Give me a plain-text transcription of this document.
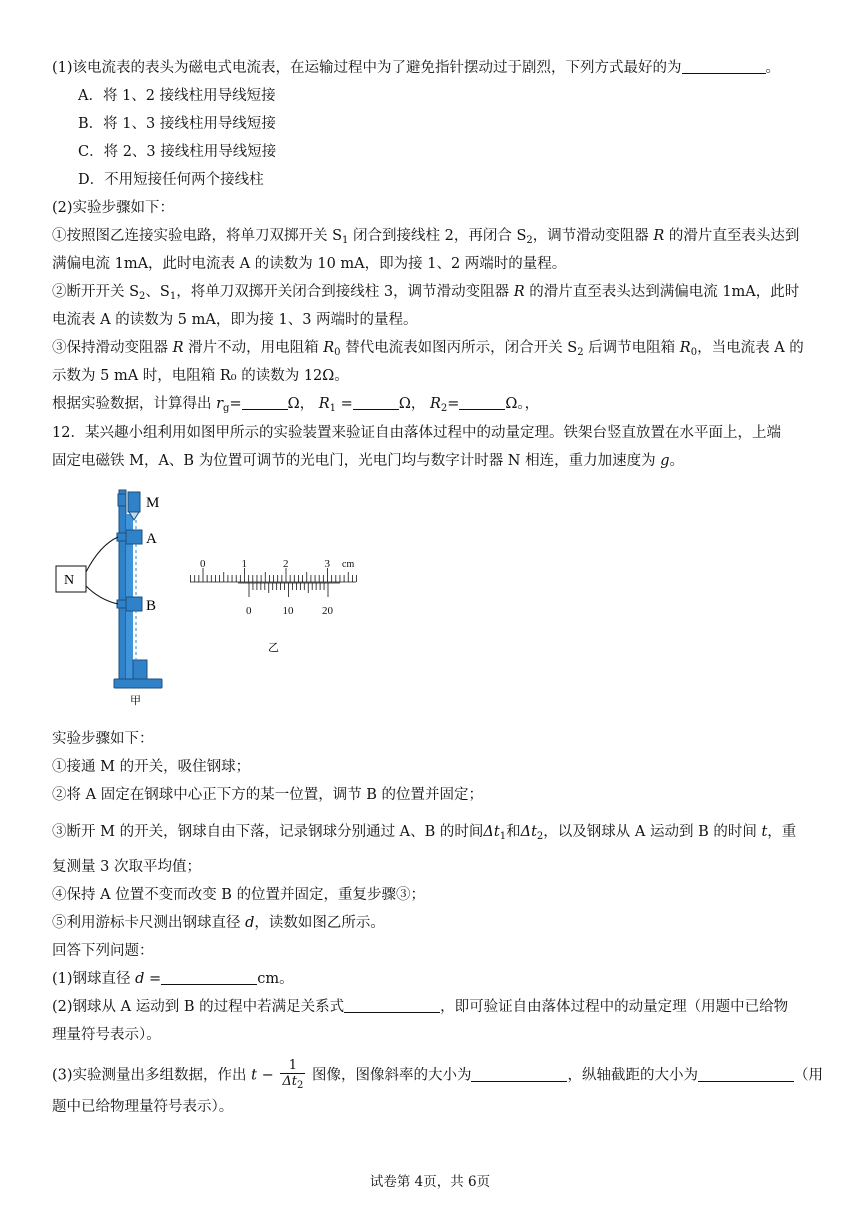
(1)该电流表的表头为磁电式电流表，在运输过程中为了避免指针摆动过于剧烈，下列方式最好的为	。
A．将 1、2 接线柱用导线短接
B．将 1、3 接线柱用导线短接
C．将 2、3 接线柱用导线短接
D．不用短接任何两个接线柱
(2)实验步骤如下：
①按照图乙连接实验电路，将单刀双掷开关 $S_1$ 闭合到接线柱 2，再闭合 $S_2$，调节滑动变阻器 R 的滑片直至表头达到
满偏电流 1mA，此时电流表 A 的读数为 10 mA，即为接 1、2 两端时的量程。
②断开开关 $S_2$、$S_1$，将单刀双掷开关闭合到接线柱 3，调节滑动变阻器 R 的滑片直至表头达到满偏电流 1mA，此时
电流表 A 的读数为 5 mA，即为接 1、3 两端时的量程。
③保持滑动变阻器 R 滑片不动，用电阻箱 $R_0$ 替代电流表如图丙所示，闭合开关 $S_2$ 后调节电阻箱 $R_0$，当电流表 A 的
示数为 5 mA 时，电阻箱 R₀ 的读数为 12Ω。
根据实验数据，计算得出 $r_g=$	Ω， $R_1$ =	Ω， $R_2=$	Ω。，
12．某兴趣小组利用如图甲所示的实验装置来验证自由落体过程中的动量定理。铁架台竖直放置在水平面上，上端
固定电磁铁 M，A、B 为位置可调节的光电门，光电门均与数字计时器 N 相连，重力加速度为 g。
M
A
B
N
甲
乙
0	1	2	3 cm
0	10	20
实验步骤如下：
①接通 M 的开关，吸住钢球；
②将 A 固定在钢球中心正下方的某一位置，调节 B 的位置并固定；
③断开 M 的开关，钢球自由下落，记录钢球分别通过 A、B 的时间$\Delta t_1$和$\Delta t_2$，以及钢球从 A 运动到 B 的时间 t，重
复测量 3 次取平均值；
④保持 A 位置不变而改变 B 的位置并固定，重复步骤③；
⑤利用游标卡尺测出钢球直径 d，读数如图乙所示。
回答下列问题：
(1)钢球直径 d =	cm。
(2)钢球从 A 运动到 B 的过程中若满足关系式	，即可验证自由落体过程中的动量定理（用题中已给物
理量符号表示）。
(3)实验测量出多组数据，作出 $t - \frac{1}{\Delta t_2}$ 图像，图像斜率的大小为	，纵轴截距的大小为	（用
题中已给物理量符号表示）。
试卷第 4页，共 6页
